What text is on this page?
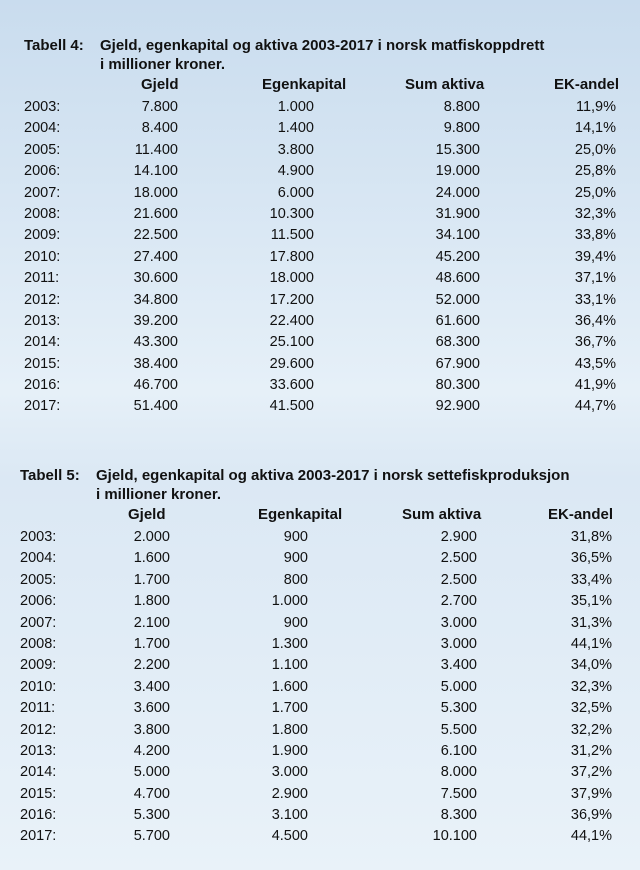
Tabell 4: Gjeld, egenkapital og aktiva 2003-2017 i norsk matfiskoppdrett
i millioner kroner.
Gjeld	Egenkapital	Sum aktiva	EK-andel
2003:	7.800	1.000	8.800	11,9%
2004:	8.400	1.400	9.800	14,1%
2005:	11.400	3.800	15.300	25,0%
2006:	14.100	4.900	19.000	25,8%
2007:	18.000	6.000	24.000	25,0%
2008:	21.600	10.300	31.900	32,3%
2009:	22.500	11.500	34.100	33,8%
2010:	27.400	17.800	45.200	39,4%
2011:	30.600	18.000	48.600	37,1%
2012:	34.800	17.200	52.000	33,1%
2013:	39.200	22.400	61.600	36,4%
2014:	43.300	25.100	68.300	36,7%
2015:	38.400	29.600	67.900	43,5%
2016:	46.700	33.600	80.300	41,9%
2017:	51.400	41.500	92.900	44,7%
Tabell 5: Gjeld, egenkapital og aktiva 2003-2017 i norsk settefiskproduksjon
i millioner kroner.
Gjeld	Egenkapital	Sum aktiva	EK-andel
2003:	2.000	900	2.900	31,8%
2004:	1.600	900	2.500	36,5%
2005:	1.700	800	2.500	33,4%
2006:	1.800	1.000	2.700	35,1%
2007:	2.100	900	3.000	31,3%
2008:	1.700	1.300	3.000	44,1%
2009:	2.200	1.100	3.400	34,0%
2010:	3.400	1.600	5.000	32,3%
2011:	3.600	1.700	5.300	32,5%
2012:	3.800	1.800	5.500	32,2%
2013:	4.200	1.900	6.100	31,2%
2014:	5.000	3.000	8.000	37,2%
2015:	4.700	2.900	7.500	37,9%
2016:	5.300	3.100	8.300	36,9%
2017:	5.700	4.500	10.100	44,1%
